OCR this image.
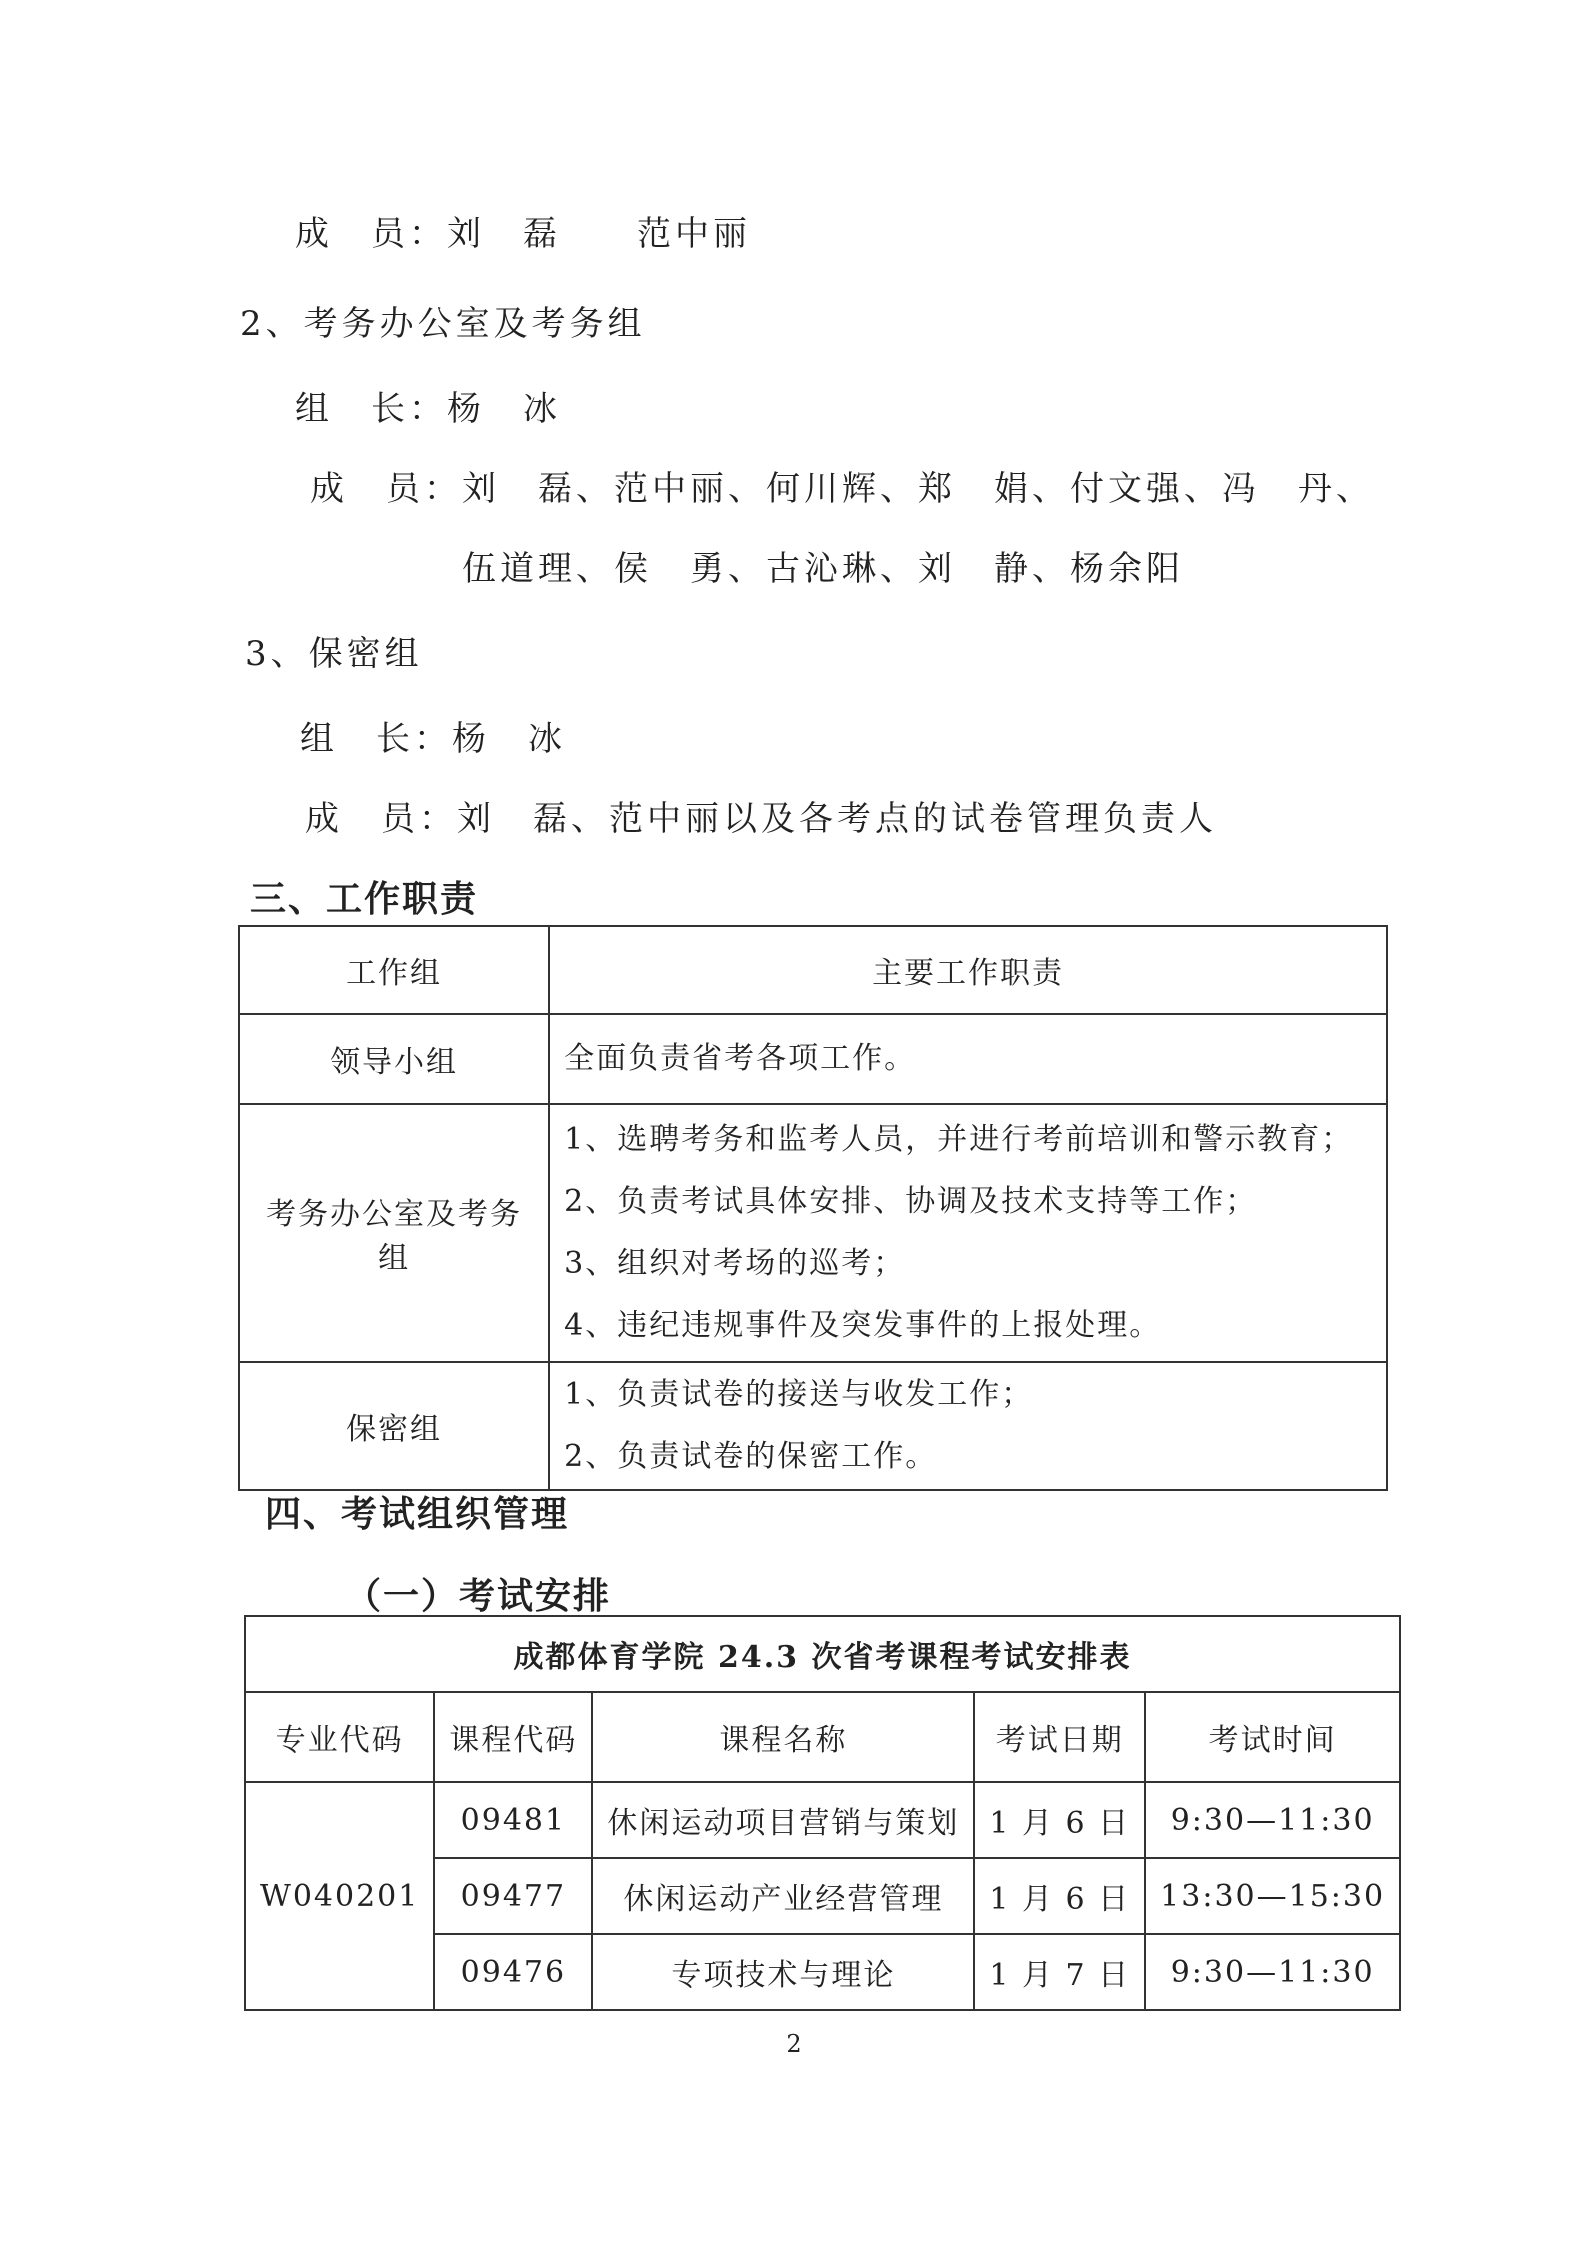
成　员：刘　磊　　范中丽
2、考务办公室及考务组
组　长：杨　冰
成　员：刘　磊、范中丽、何川辉、郑　娟、付文强、冯　丹、
伍道理、侯　勇、古沁琳、刘　静、杨余阳
3、保密组
组　长：杨　冰
成　员：刘　磊、范中丽以及各考点的试卷管理负责人
三、工作职责
工作组	主要工作职责
领导小组	全面负责省考各项工作。

考务办公室及考务组	1、选聘考务和监考人员，并进行考前培训和警示教育；
2、负责考试具体安排、协调及技术支持等工作；
3、组织对考场的巡考；
4、违纪违规事件及突发事件的上报处理。

保密组	1、负责试卷的接送与收发工作；
2、负责试卷的保密工作。
四、考试组织管理
（一）考试安排
成都体育学院 24.3 次省考课程考试安排表				
专业代码	课程代码	课程名称	考试日期	考试时间
W040201	09481	休闲运动项目营销与策划	1 月 6 日	9:30—11:30
	09477	休闲运动产业经营管理	1 月 6 日	13:30—15:30
	09476	专项技术与理论	1 月 7 日	9:30—11:30
2
